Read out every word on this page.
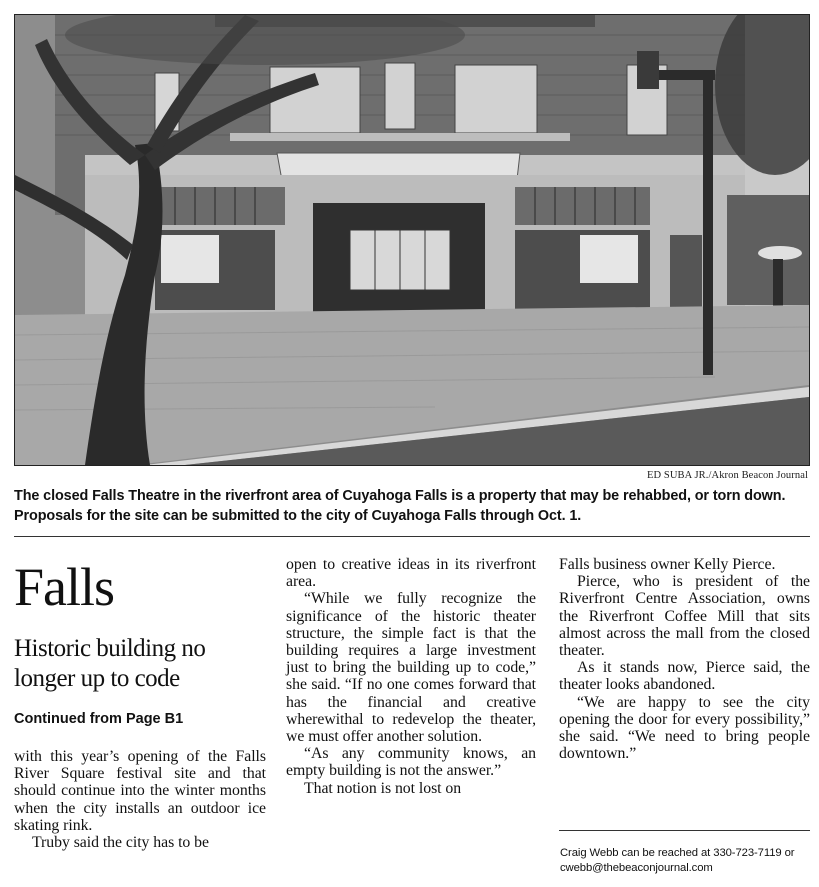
ED SUBA JR./Akron Beacon Journal
The closed Falls Theatre in the riverfront area of Cuyahoga Falls is a property that may be rehabbed, or torn down. Proposals for the site can be submitted to the city of Cuyahoga Falls through Oct. 1.
Falls
Historic building no longer up to code
Continued from Page B1

with this year’s opening of the Falls River Square festival site and that should continue into the winter months when the city installs an outdoor ice skating rink.

Truby said the city has to be

open to creative ideas in its riverfront area.

“While we fully recognize the significance of the historic theater structure, the simple fact is that the building requires a large investment just to bring the building up to code,” she said. “If no one comes forward that has the financial and creative wherewithal to redevelop the theater, we must offer another solution.

“As any community knows, an empty building is not the answer.”

That notion is not lost on

Falls business owner Kelly Pierce.

Pierce, who is president of the Riverfront Centre Association, owns the Riverfront Coffee Mill that sits almost across the mall from the closed theater.

As it stands now, Pierce said, the theater looks abandoned.

“We are happy to see the city opening the door for every possibility,” she said. “We need to bring people downtown.”

Craig Webb can be reached at 330-723-7119 or cwebb@thebeaconjournal.com
